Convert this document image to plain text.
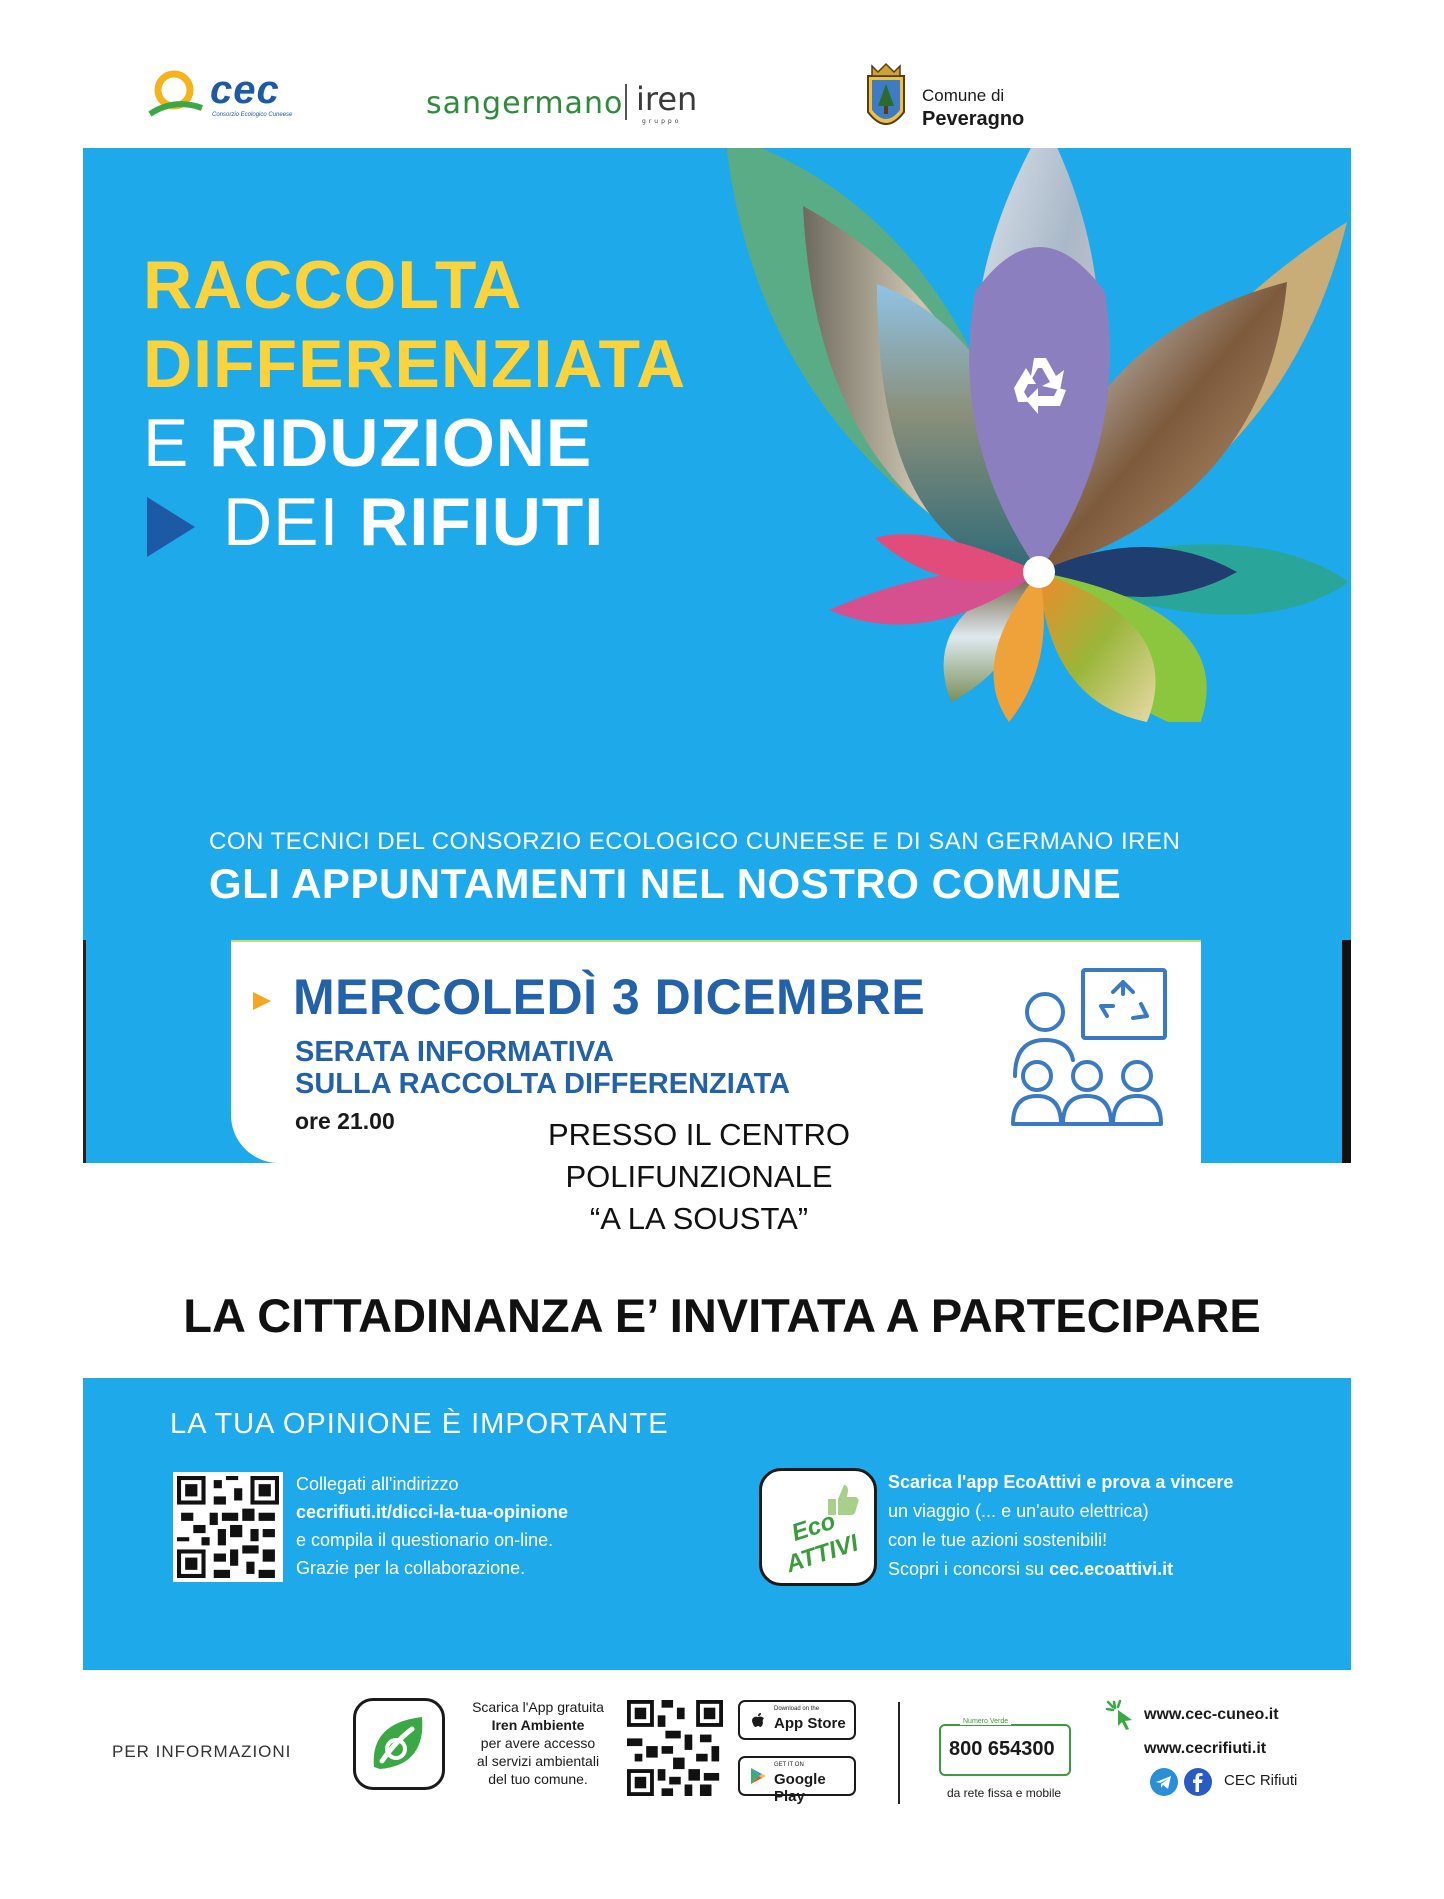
cec
Consorzio Ecologico Cuneese	sangermano iren
gruppo
Comune di
Peveragno
RACCOLTA
DIFFERENZIATA
E RIDUZIONE
DEI RIFIUTI
CON TECNICI DEL CONSORZIO ECOLOGICO CUNEESE E DI SAN GERMANO IREN
GLI APPUNTAMENTI NEL NOSTRO COMUNE
MERCOLEDÌ 3 DICEMBRE
SERATA INFORMATIVA
SULLA RACCOLTA DIFFERENZIATA
ore 21.00	PRESSO IL CENTRO
POLIFUNZIONALE
“A LA SOUSTA”
LA CITTADINANZA E’ INVITATA A PARTECIPARE
LA TUA OPINIONE È IMPORTANTE
Collegati all'indirizzo
cecrifiuti.it/dicci-la-tua-opinione
e compila il questionario on-line.
Grazie per la collaborazione.
Eco ATTIVI
Scarica l'app EcoAttivi e prova a vincere
un viaggio (... e un'auto elettrica)
con le tue azioni sostenibili!
Scopri i concorsi su cec.ecoattivi.it
PER INFORMAZIONI
Scarica l'App gratuita
Iren Ambiente
per avere accesso
al servizi ambientali
del tuo comune.
Download on the
App Store
GET IT ON
Google Play
Numero Verde
800 654300
da rete fissa e mobile
www.cec-cuneo.it
www.cecrifiuti.it
CEC Rifiuti
